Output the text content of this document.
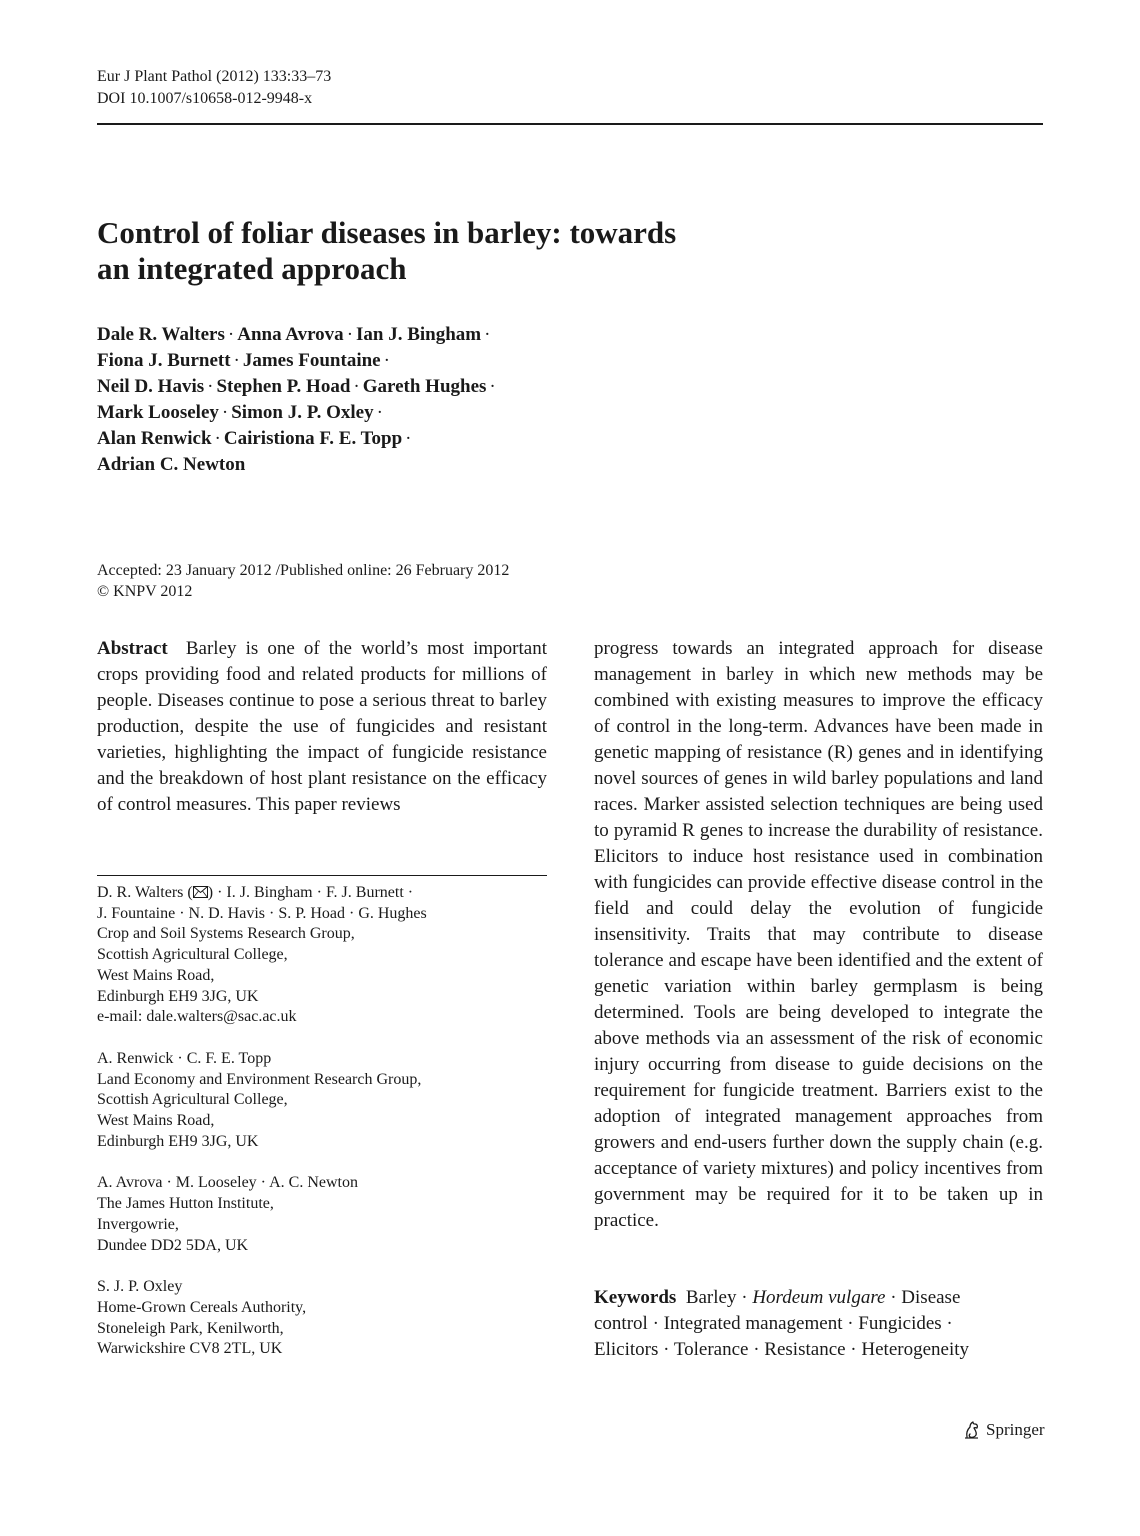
Eur J Plant Pathol (2012) 133:33–73
DOI 10.1007/s10658-012-9948-x
Control of foliar diseases in barley: towards
an integrated approach
Dale R. Walters · Anna Avrova · Ian J. Bingham ·
Fiona J. Burnett · James Fountaine ·
Neil D. Havis · Stephen P. Hoad · Gareth Hughes ·
Mark Looseley · Simon J. P. Oxley ·
Alan Renwick · Cairistiona F. E. Topp ·
Adrian C. Newton
Accepted: 23 January 2012 /Published online: 26 February 2012
© KNPV 2012
Abstract Barley is one of the world’s most important crops providing food and related products for millions of people. Diseases continue to pose a serious threat to barley production, despite the use of fungicides and resistant varieties, highlighting the impact of fungicide resistance and the breakdown of host plant resistance on the efficacy of control measures. This paper reviews
progress towards an integrated approach for disease management in barley in which new methods may be combined with existing measures to improve the efficacy of control in the long-term. Advances have been made in genetic mapping of resistance (R) genes and in identifying novel sources of genes in wild barley populations and land races. Marker assisted selection techniques are being used to pyramid R genes to increase the durability of resistance. Elicitors to induce host resistance used in combination with fungicides can provide effective disease control in the field and could delay the evolution of fungicide insensitivity. Traits that may contribute to disease tolerance and escape have been identified and the extent of genetic variation within barley germplasm is being determined. Tools are being developed to integrate the above methods via an assessment of the risk of economic injury occurring from disease to guide decisions on the requirement for fungicide treatment. Barriers exist to the adoption of integrated management approaches from growers and end-users further down the supply chain (e.g. acceptance of variety mixtures) and policy incentives from government may be required for it to be taken up in practice.
D. R. Walters ( ) · I. J. Bingham · F. J. Burnett ·
J. Fountaine · N. D. Havis · S. P. Hoad · G. Hughes
Crop and Soil Systems Research Group,
Scottish Agricultural College,
West Mains Road,
Edinburgh EH9 3JG, UK
e-mail: dale.walters@sac.ac.uk
A. Renwick · C. F. E. Topp
Land Economy and Environment Research Group,
Scottish Agricultural College,
West Mains Road,
Edinburgh EH9 3JG, UK
A. Avrova · M. Looseley · A. C. Newton
The James Hutton Institute,
Invergowrie,
Dundee DD2 5DA, UK
S. J. P. Oxley
Home-Grown Cereals Authority,
Stoneleigh Park, Kenilworth,
Warwickshire CV8 2TL, UK
Keywords Barley · Hordeum vulgare · Disease
control · Integrated management · Fungicides ·
Elicitors · Tolerance · Resistance · Heterogeneity
Springer
